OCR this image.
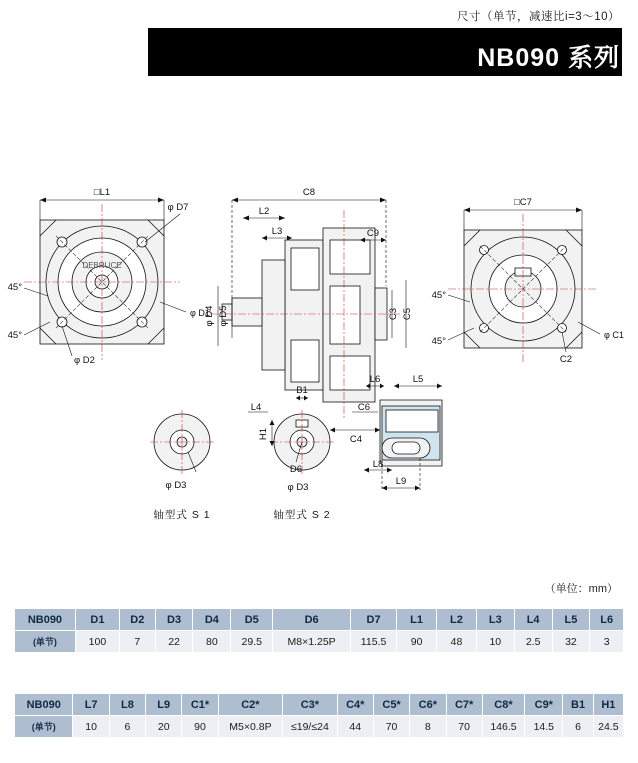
尺寸（单节，减速比i=3～10）
NB090 系列
DEBRUCE
□L1
φ D7
φ D1
φ D2
45°
45°
C8
L2
L3	C9
φ D4 φ D5	C3 C5
L4	C6
C4
□C7
45°
45°
φ C1
C2
φ D3
轴型式 S 1
B1
H1
D6
φ D3
轴型式 S 2
L6	L5
L8
L9
（单位：mm）
NB090	D1	D2	D3	D4	D5	D6	D7	L1	L2	L3	L4	L5	L6
(单节)	100	7	22	80	29.5	M8×1.25P	115.5	90	48	10	2.5	32	3
NB090	L7	L8	L9	C1*	C2*	C3*	C4*	C5*	C6*	C7*	C8*	C9*	B1	H1
(单节)	10	6	20	90	M5×0.8P	≤19/≤24	44	70	8	70	146.5	14.5	6	24.5
